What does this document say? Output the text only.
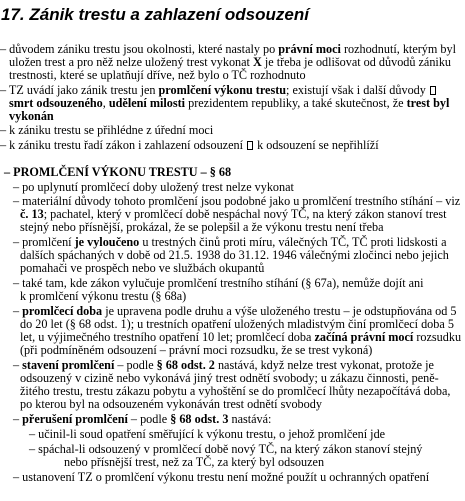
17. Zánik trestu a zahlazení odsouzení
– důvodem zániku trestu jsou okolnosti, které nastaly po právní moci rozhodnutí, kterým byl
uložen trest a pro něž nelze uložený trest vykonat X je třeba je odlišovat od důvodů zániku
trestnosti, které se uplatňují dříve, než bylo o TČ rozhodnuto
– TZ uvádí jako zánik trestu jen promlčení výkonu trestu; existují však i další důvody
smrt odsouzeného, udělení milosti prezidentem republiky, a také skutečnost, že trest byl
vykonán
– k zániku trestu se přihlédne z úřední moci
– k zániku trestu řadí zákon i zahlazení odsouzení  k odsouzení se nepřihlíží
– PROMLČENÍ VÝKONU TRESTU – § 68
– po uplynutí promlčecí doby uložený trest nelze vykonat
– materiální důvody tohoto promlčení jsou podobné jako u promlčení trestního stíhání – viz
č. 13; pachatel, který v promlčecí době nespáchal nový TČ, na který zákon stanoví trest
stejný nebo přísnější, prokázal, že se polepšil a že výkonu trestu není třeba
– promlčení je vyloučeno u trestných činů proti míru, válečných TČ, TČ proti lidskosti a
dalších spáchaných v době od 21.5. 1938 do 31.12. 1946 válečnými zločinci nebo jejich
pomahači ve prospěch nebo ve službách okupantů
– také tam, kde zákon vylučuje promlčení trestního stíhání (§ 67a), nemůže dojít ani
k promlčení výkonu trestu (§ 68a)
– promlčecí doba je upravena podle druhu a výše uloženého trestu – je odstupňována od 5
do 20 let (§ 68 odst. 1); u trestních opatření uložených mladistvým činí promlčecí doba 5
let, u výjimečného trestního opatření 10 let; promlčecí doba začíná právní mocí rozsudku
(při podmíněném odsouzení – právní moci rozsudku, že se trest vykoná)
– stavení promlčení – podle § 68 odst. 2 nastává, když nelze trest vykonat, protože je
odsouzený v cizině nebo vykonává jiný trest odnětí svobody; u zákazu činnosti, peně-
žitého trestu, trestu zákazu pobytu a vyhoštění se do promlčecí lhůty nezapočítává doba,
po kterou byl na odsouzeném vykonáván trest odnětí svobody
– přerušení promlčení – podle § 68 odst. 3 nastává:
– učinil-li soud opatření směřující k výkonu trestu, o jehož promlčení jde
– spáchal-li odsouzený v promlčecí době nový TČ, na který zákon stanoví stejný
nebo přísnější trest, než za TČ, za který byl odsouzen
– ustanovení TZ o promlčení výkonu trestu není možné použít u ochranných opatření
